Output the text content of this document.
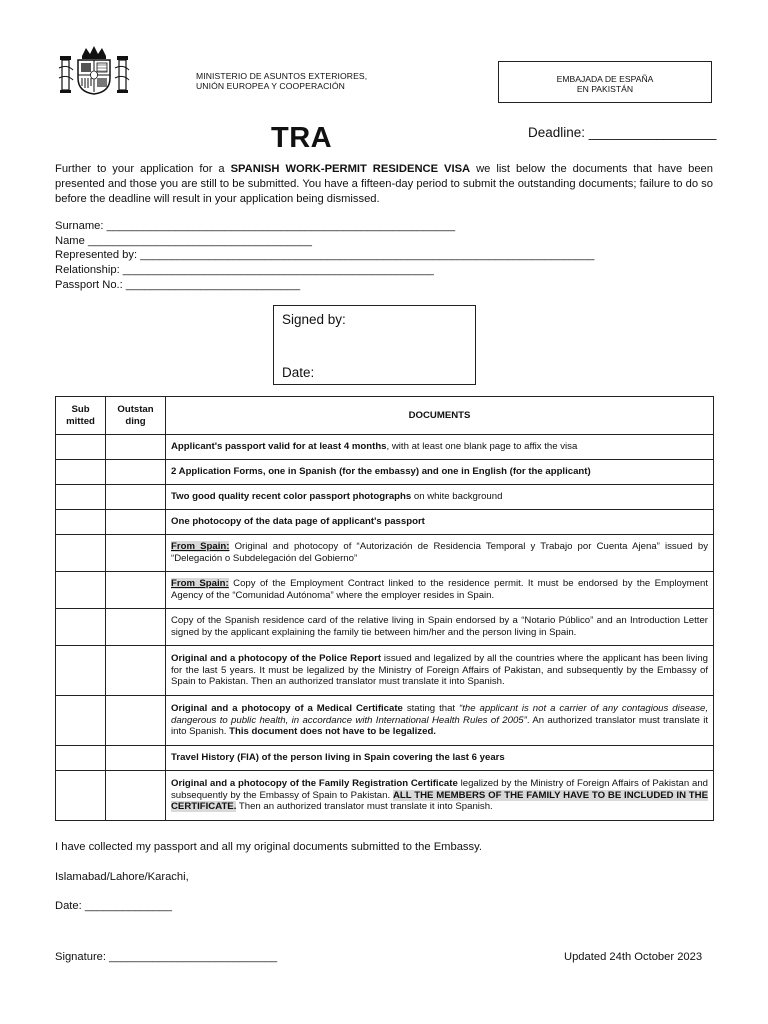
MINISTERIO DE ASUNTOS EXTERIORES,
UNIÓN EUROPEA Y COOPERACIÓN
EMBAJADA DE ESPAÑA
EN PAKISTÁN
TRA	Deadline: _________________
Further to your application for a SPANISH WORK-PERMIT RESIDENCE VISA we list below the documents that have been presented and those you are still to be submitted. You have a fifteen-day period to submit the outstanding documents; failure to do so before the deadline will result in your application being dismissed.
Surname: ________________________________________________________
Name ____________________________________
Represented by: _________________________________________________________________________
Relationship: __________________________________________________
Passport No.: ____________________________
Signed by:
Date:
Sub mitted	Outstan ding	DOCUMENTS
		Applicant's passport valid for at least 4 months, with at least one blank page to affix the visa
		2 Application Forms, one in Spanish (for the embassy) and one in English (for the applicant)
		Two good quality recent color passport photographs on white background
		One photocopy of the data page of applicant's passport
		From Spain: Original and photocopy of “Autorización de Residencia Temporal y Trabajo por Cuenta Ajena” issued by “Delegación o Subdelegación del Gobierno”
		From Spain: Copy of the Employment Contract linked to the residence permit. It must be endorsed by the Employment Agency of the “Comunidad Autónoma” where the employer resides in Spain.
		Copy of the Spanish residence card of the relative living in Spain endorsed by a “Notario Público” and an Introduction Letter signed by the applicant explaining the family tie between him/her and the person living in Spain.
		Original and a photocopy of the Police Report issued and legalized by all the countries where the applicant has been living for the last 5 years. It must be legalized by the Ministry of Foreign Affairs of Pakistan, and subsequently by the Embassy of Spain to Pakistan. Then an authorized translator must translate it into Spanish.
		Original and a photocopy of a Medical Certificate stating that “the applicant is not a carrier of any contagious disease, dangerous to public health, in accordance with International Health Rules of 2005”. An authorized translator must translate it into Spanish. This document does not have to be legalized.
		Travel History (FIA) of the person living in Spain covering the last 6 years
		Original and a photocopy of the Family Registration Certificate legalized by the Ministry of Foreign Affairs of Pakistan and subsequently by the Embassy of Spain to Pakistan. ALL THE MEMBERS OF THE FAMILY HAVE TO BE INCLUDED IN THE CERTIFICATE. Then an authorized translator must translate it into Spanish.
I have collected my passport and all my original documents submitted to the Embassy.
Islamabad/Lahore/Karachi,
Date: ______________
Signature: ___________________________	Updated 24th October 2023
